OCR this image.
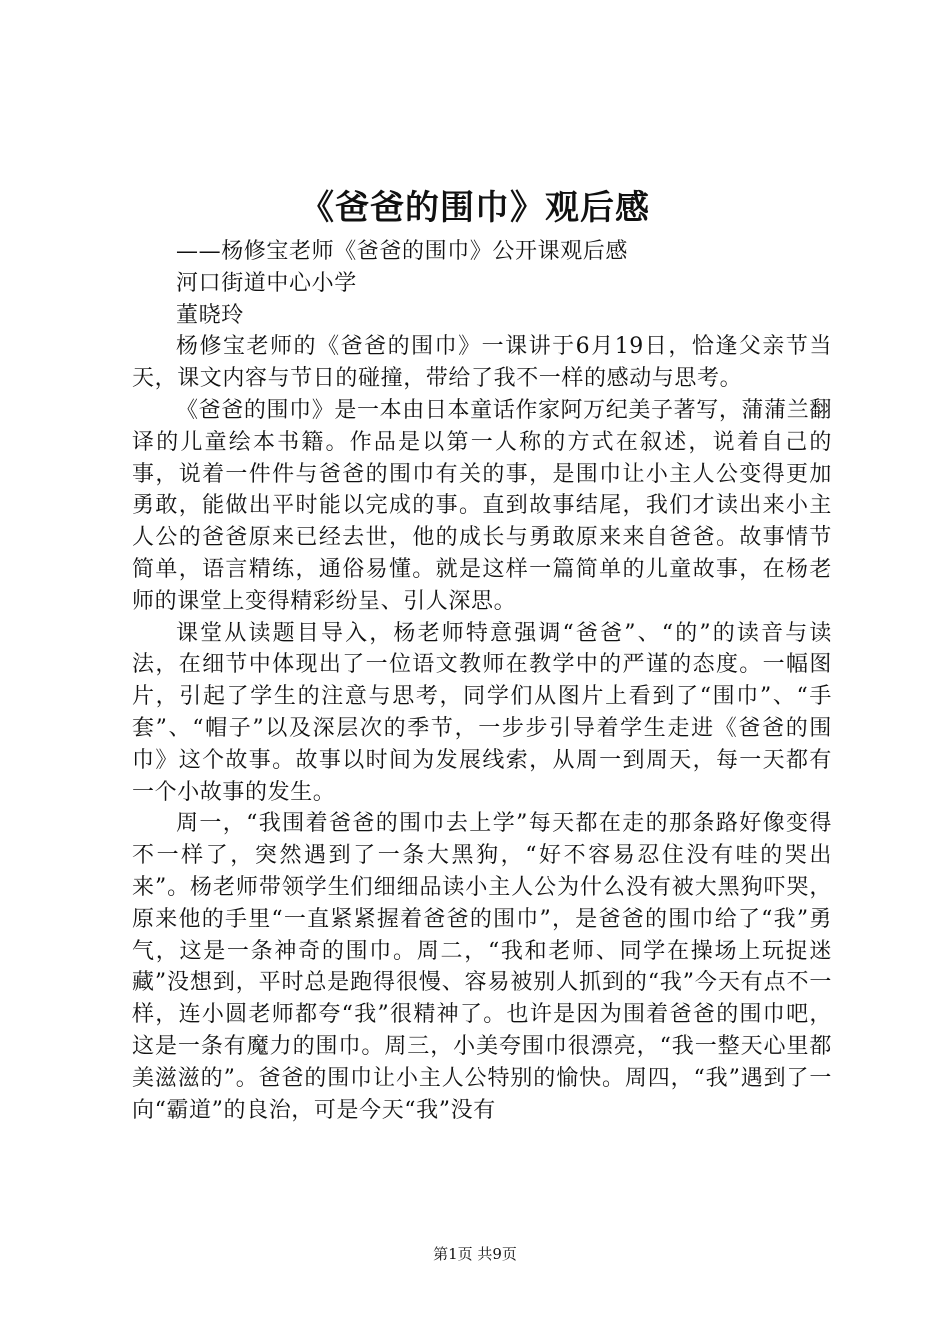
《爸爸的围巾》观后感

——杨修宝老师《爸爸的围巾》公开课观后感

河口街道中心小学

董晓玲

杨修宝老师的《爸爸的围巾》一课讲于6月19日，恰逢父亲节当天，课文内容与节日的碰撞，带给了我不一样的感动与思考。

《爸爸的围巾》是一本由日本童话作家阿万纪美子著写，蒲蒲兰翻译的儿童绘本书籍。作品是以第一人称的方式在叙述，说着自己的事，说着一件件与爸爸的围巾有关的事，是围巾让小主人公变得更加勇敢，能做出平时能以完成的事。直到故事结尾，我们才读出来小主人公的爸爸原来已经去世，他的成长与勇敢原来来自爸爸。故事情节简单，语言精练，通俗易懂。就是这样一篇简单的儿童故事，在杨老师的课堂上变得精彩纷呈、引人深思。

课堂从读题目导入，杨老师特意强调“爸爸”、“的”的读音与读法，在细节中体现出了一位语文教师在教学中的严谨的态度。一幅图片，引起了学生的注意与思考，同学们从图片上看到了“围巾”、“手套”、“帽子”以及深层次的季节，一步步引导着学生走进《爸爸的围巾》这个故事。故事以时间为发展线索，从周一到周天，每一天都有一个小故事的发生。

周一，“我围着爸爸的围巾去上学”每天都在走的那条路好像变得不一样了，突然遇到了一条大黑狗，“好不容易忍住没有哇的哭出来”。杨老师带领学生们细细品读小主人公为什么没有被大黑狗吓哭，原来他的手里“一直紧紧握着爸爸的围巾”，是爸爸的围巾给了“我”勇气，这是一条神奇的围巾。周二，“我和老师、同学在操场上玩捉迷藏”没想到，平时总是跑得很慢、容易被别人抓到的“我”今天有点不一样，连小圆老师都夸“我”很精神了。也许是因为围着爸爸的围巾吧，这是一条有魔力的围巾。周三，小美夸围巾很漂亮，“我一整天心里都美滋滋的”。爸爸的围巾让小主人公特别的愉快。周四，“我”遇到了一向“霸道”的良治，可是今天“我”没有

第1页 共9页
